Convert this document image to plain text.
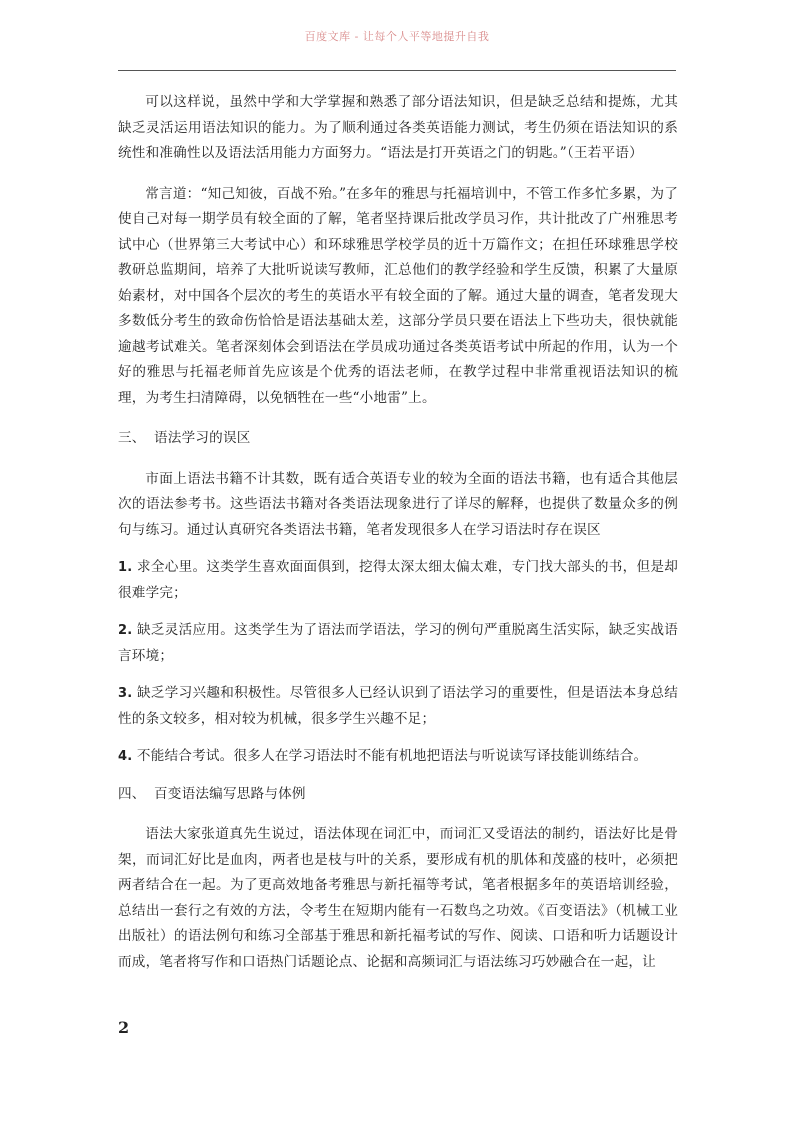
百度文库 - 让每个人平等地提升自我

可以这样说，虽然中学和大学掌握和熟悉了部分语法知识，但是缺乏总结和提炼，尤其缺乏灵活运用语法知识的能力。为了顺利通过各类英语能力测试，考生仍须在语法知识的系统性和准确性以及语法活用能力方面努力。“语法是打开英语之门的钥匙。”（王若平语）

常言道：“知己知彼，百战不殆。”在多年的雅思与托福培训中，不管工作多忙多累，为了使自己对每一期学员有较全面的了解，笔者坚持课后批改学员习作，共计批改了广州雅思考试中心（世界第三大考试中心）和环球雅思学校学员的近十万篇作文；在担任环球雅思学校教研总监期间，培养了大批听说读写教师，汇总他们的教学经验和学生反馈，积累了大量原始素材，对中国各个层次的考生的英语水平有较全面的了解。通过大量的调查，笔者发现大多数低分考生的致命伤恰恰是语法基础太差，这部分学员只要在语法上下些功夫，很快就能逾越考试难关。笔者深刻体会到语法在学员成功通过各类英语考试中所起的作用，认为一个好的雅思与托福老师首先应该是个优秀的语法老师，在教学过程中非常重视语法知识的梳理，为考生扫清障碍，以免牺牲在一些“小地雷”上。

三、 语法学习的误区

市面上语法书籍不计其数，既有适合英语专业的较为全面的语法书籍，也有适合其他层次的语法参考书。这些语法书籍对各类语法现象进行了详尽的解释，也提供了数量众多的例句与练习。通过认真研究各类语法书籍，笔者发现很多人在学习语法时存在误区

1. 求全心里。这类学生喜欢面面俱到，挖得太深太细太偏太难，专门找大部头的书，但是却很难学完；

2. 缺乏灵活应用。这类学生为了语法而学语法，学习的例句严重脱离生活实际，缺乏实战语言环境；

3. 缺乏学习兴趣和积极性。尽管很多人已经认识到了语法学习的重要性，但是语法本身总结性的条文较多，相对较为机械，很多学生兴趣不足；

4. 不能结合考试。很多人在学习语法时不能有机地把语法与听说读写译技能训练结合。

四、 百变语法编写思路与体例

语法大家张道真先生说过，语法体现在词汇中，而词汇又受语法的制约，语法好比是骨架，而词汇好比是血肉，两者也是枝与叶的关系，要形成有机的肌体和茂盛的枝叶，必须把两者结合在一起。为了更高效地备考雅思与新托福等考试，笔者根据多年的英语培训经验，总结出一套行之有效的方法，令考生在短期内能有一石数鸟之功效。《百变语法》（机械工业出版社）的语法例句和练习全部基于雅思和新托福考试的写作、阅读、口语和听力话题设计而成，笔者将写作和口语热门话题论点、论据和高频词汇与语法练习巧妙融合在一起，让

2
